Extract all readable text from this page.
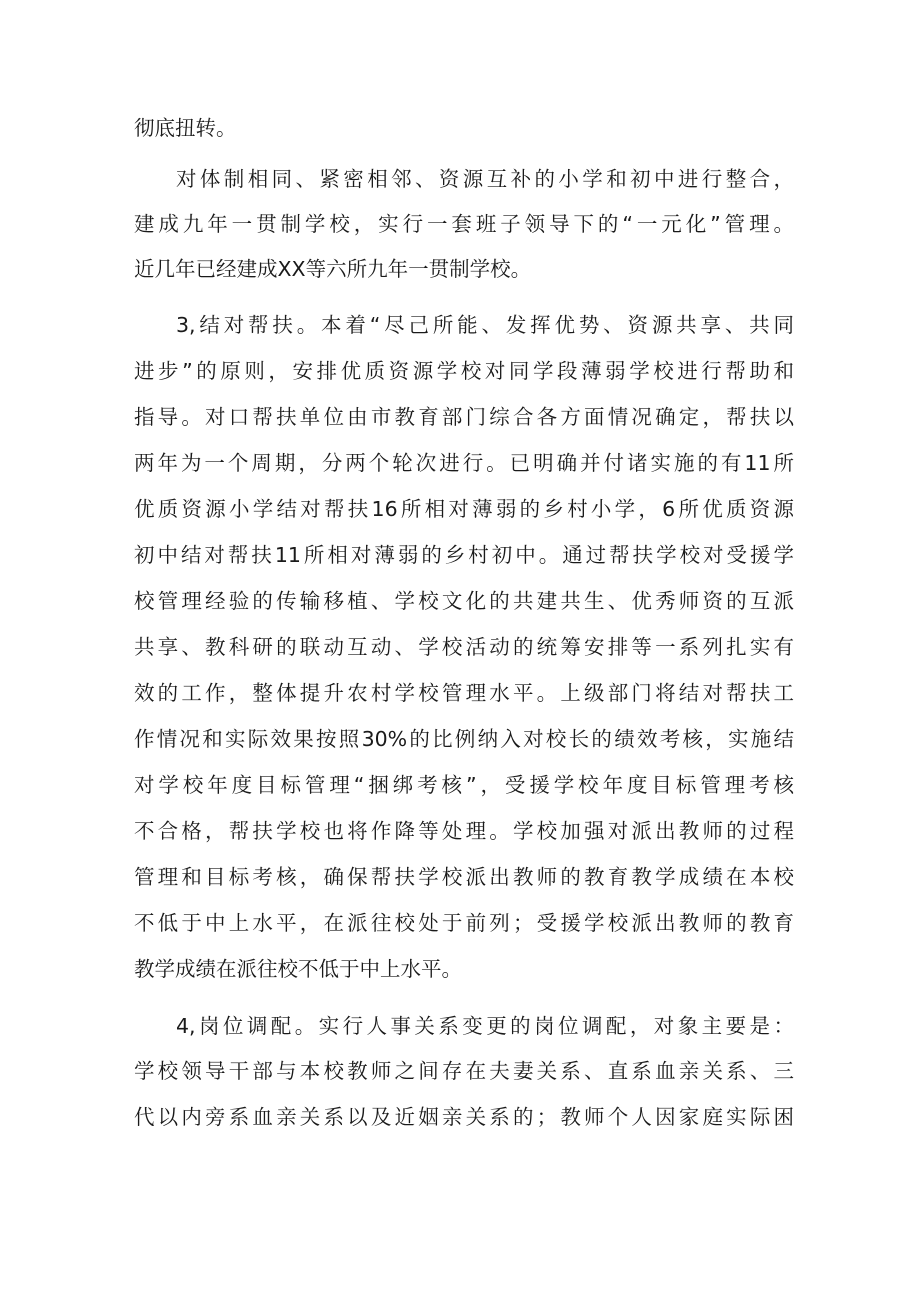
彻底扭转。
对体制相同、紧密相邻、资源互补的小学和初中进行整合，
建成九年一贯制学校，实行一套班子领导下的“一元化”管理。
近几年已经建成XX等六所九年一贯制学校。
3,结对帮扶。本着“尽己所能、发挥优势、资源共享、共同
进步”的原则，安排优质资源学校对同学段薄弱学校进行帮助和
指导。对口帮扶单位由市教育部门综合各方面情况确定，帮扶以
两年为一个周期，分两个轮次进行。已明确并付诸实施的有11所
优质资源小学结对帮扶16所相对薄弱的乡村小学，6所优质资源
初中结对帮扶11所相对薄弱的乡村初中。通过帮扶学校对受援学
校管理经验的传输移植、学校文化的共建共生、优秀师资的互派
共享、教科研的联动互动、学校活动的统筹安排等一系列扎实有
效的工作，整体提升农村学校管理水平。上级部门将结对帮扶工
作情况和实际效果按照30%的比例纳入对校长的绩效考核，实施结
对学校年度目标管理“捆绑考核”，受援学校年度目标管理考核
不合格，帮扶学校也将作降等处理。学校加强对派出教师的过程
管理和目标考核，确保帮扶学校派出教师的教育教学成绩在本校
不低于中上水平，在派往校处于前列；受援学校派出教师的教育
教学成绩在派往校不低于中上水平。
4,岗位调配。实行人事关系变更的岗位调配，对象主要是：
学校领导干部与本校教师之间存在夫妻关系、直系血亲关系、三
代以内旁系血亲关系以及近姻亲关系的；教师个人因家庭实际困
